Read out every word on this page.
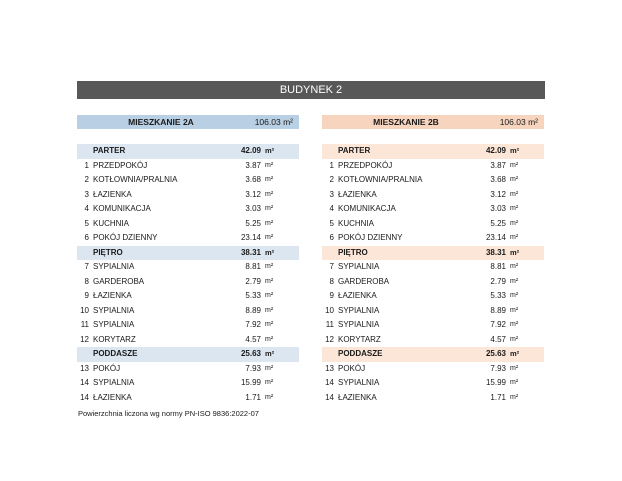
BUDYNEK 2
MIESZKANIE 2A	106.03 m²
PARTER	42.09 m²
1 PRZEDPOKÓJ	3.87 m²
2 KOTŁOWNIA/PRALNIA	3.68 m²
3 ŁAZIENKA	3.12 m²
4 KOMUNIKACJA	3.03 m²
5 KUCHNIA	5.25 m²
6 POKÓJ DZIENNY	23.14 m²
PIĘTRO	38.31 m²
7 SYPIALNIA	8.81 m²
8 GARDEROBA	2.79 m²
9 ŁAZIENKA	5.33 m²
10 SYPIALNIA	8.89 m²
11 SYPIALNIA	7.92 m²
12 KORYTARZ	4.57 m²
PODDASZE	25.63 m²
13 POKÓJ	7.93 m²
14 SYPIALNIA	15.99 m²
14 ŁAZIENKA	1.71 m²
MIESZKANIE 2B	106.03 m²
PARTER	42.09 m²
1 PRZEDPOKÓJ	3.87 m²
2 KOTŁOWNIA/PRALNIA	3.68 m²
3 ŁAZIENKA	3.12 m²
4 KOMUNIKACJA	3.03 m²
5 KUCHNIA	5.25 m²
6 POKÓJ DZIENNY	23.14 m²
PIĘTRO	38.31 m²
7 SYPIALNIA	8.81 m²
8 GARDEROBA	2.79 m²
9 ŁAZIENKA	5.33 m²
10 SYPIALNIA	8.89 m²
11 SYPIALNIA	7.92 m²
12 KORYTARZ	4.57 m²
PODDASZE	25.63 m²
13 POKÓJ	7.93 m²
14 SYPIALNIA	15.99 m²
14 ŁAZIENKA	1.71 m²
Powierzchnia liczona wg normy PN-ISO 9836:2022-07
